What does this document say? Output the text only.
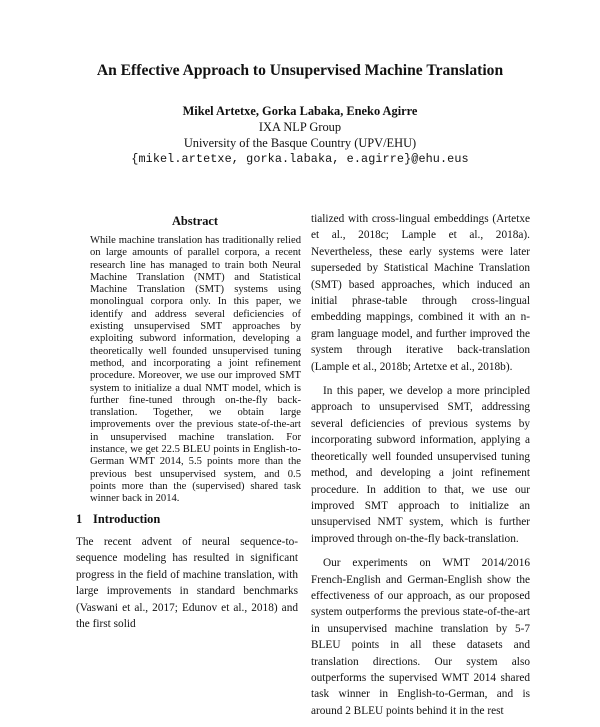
An Effective Approach to Unsupervised Machine Translation
Mikel Artetxe, Gorka Labaka, Eneko Agirre
IXA NLP Group
University of the Basque Country (UPV/EHU)
{mikel.artetxe, gorka.labaka, e.agirre}@ehu.eus
Abstract
While machine translation has traditionally relied on large amounts of parallel corpora, a recent research line has managed to train both Neural Machine Translation (NMT) and Statistical Machine Translation (SMT) systems using monolingual corpora only. In this paper, we identify and address several deficiencies of existing unsupervised SMT approaches by exploiting subword information, developing a theoretically well founded unsupervised tuning method, and incorporating a joint refinement procedure. Moreover, we use our improved SMT system to initialize a dual NMT model, which is further fine-tuned through on-the-fly back-translation. Together, we obtain large improvements over the previous state-of-the-art in unsupervised machine translation. For instance, we get 22.5 BLEU points in English-to-German WMT 2014, 5.5 points more than the previous best unsupervised system, and 0.5 points more than the (supervised) shared task winner back in 2014.
1 Introduction
The recent advent of neural sequence-to-sequence modeling has resulted in significant progress in the field of machine translation, with large improvements in standard benchmarks (Vaswani et al., 2017; Edunov et al., 2018) and the first solid

tialized with cross-lingual embeddings (Artetxe et al., 2018c; Lample et al., 2018a). Nevertheless, these early systems were later superseded by Statistical Machine Translation (SMT) based approaches, which induced an initial phrase-table through cross-lingual embedding mappings, combined it with an n-gram language model, and further improved the system through iterative back-translation (Lample et al., 2018b; Artetxe et al., 2018b).

In this paper, we develop a more principled approach to unsupervised SMT, addressing several deficiencies of previous systems by incorporating subword information, applying a theoretically well founded unsupervised tuning method, and developing a joint refinement procedure. In addition to that, we use our improved SMT approach to initialize an unsupervised NMT system, which is further improved through on-the-fly back-translation.

Our experiments on WMT 2014/2016 French-English and German-English show the effectiveness of our approach, as our proposed system outperforms the previous state-of-the-art in unsupervised machine translation by 5-7 BLEU points in all these datasets and translation directions. Our system also outperforms the supervised WMT 2014 shared task winner in English-to-German, and is around 2 BLEU points behind it in the rest
